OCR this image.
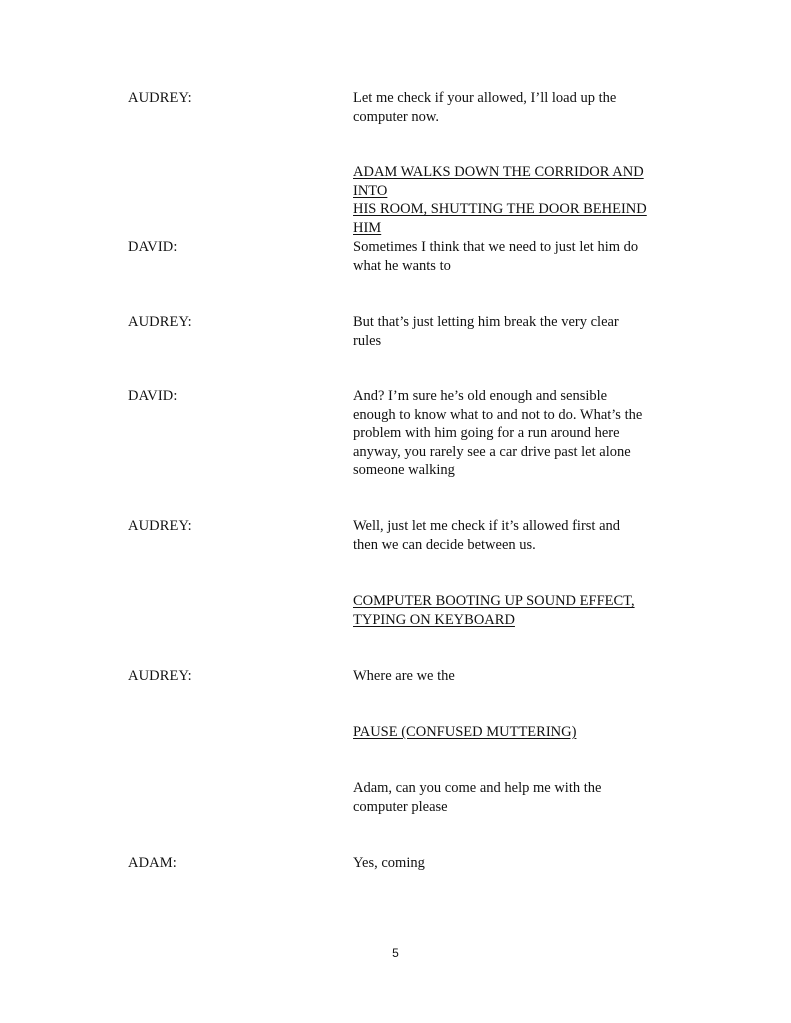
AUDREY:	Let me check if your allowed, I’ll load up the
computer now.
ADAM WALKS DOWN THE CORRIDOR AND INTO
HIS ROOM, SHUTTING THE DOOR BEHEIND HIM
DAVID:	Sometimes I think that we need to just let him do
what he wants to
AUDREY:	But that’s just letting him break the very clear
rules
DAVID:	And? I’m sure he’s old enough and sensible
enough to know what to and not to do. What’s the
problem with him going for a run around here
anyway, you rarely see a car drive past let alone
someone walking
AUDREY:	Well, just let me check if it’s allowed first and
then we can decide between us.
COMPUTER BOOTING UP SOUND EFFECT,
TYPING ON KEYBOARD
AUDREY:	Where are we the
PAUSE (CONFUSED MUTTERING)
Adam, can you come and help me with the
computer please
ADAM:	Yes, coming
5
